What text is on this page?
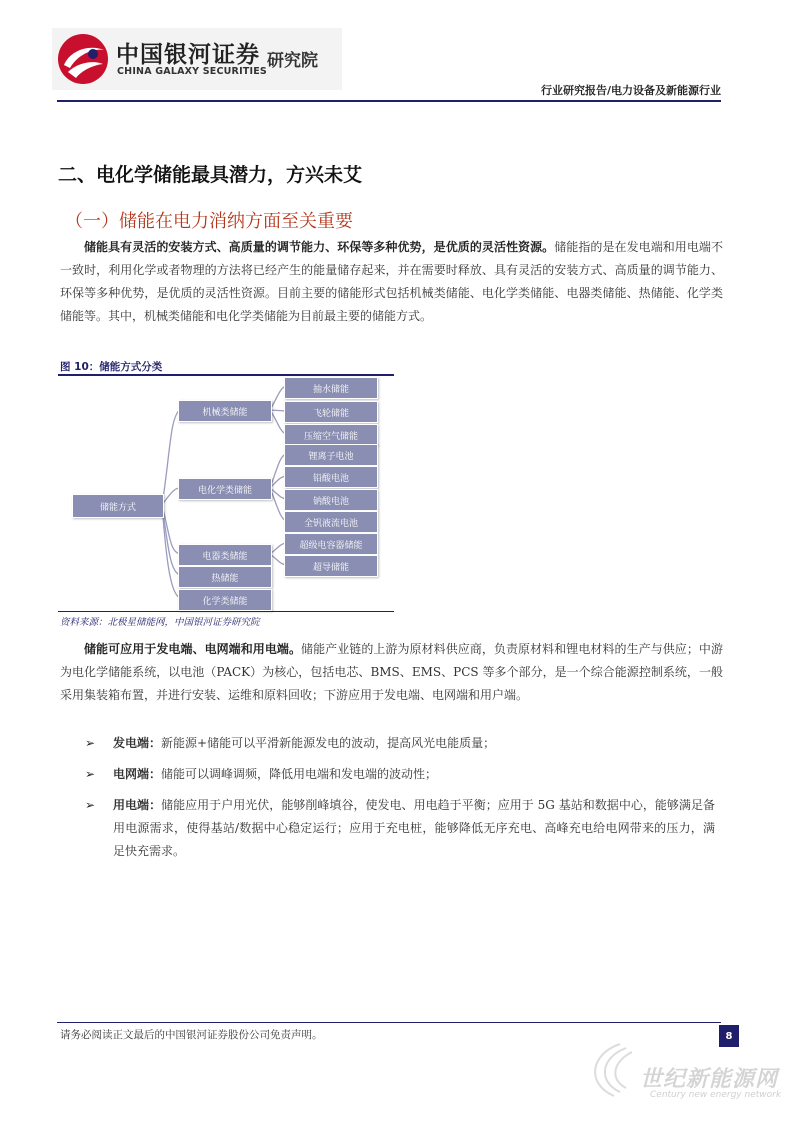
中国银河证券
CHINA GALAXY SECURITIES
研究院
行业研究报告/电力设备及新能源行业
二、电化学储能最具潜力，方兴未艾
（一）储能在电力消纳方面至关重要
储能具有灵活的安装方式、高质量的调节能力、环保等多种优势，是优质的灵活性资源。储能指的是在发电端和用电端不一致时，利用化学或者物理的方法将已经产生的能量储存起来，并在需要时释放、具有灵活的安装方式、高质量的调节能力、环保等多种优势，是优质的灵活性资源。目前主要的储能形式包括机械类储能、电化学类储能、电器类储能、热储能、化学类储能等。其中，机械类储能和电化学类储能为目前最主要的储能方式。
图 10：储能方式分类
储能方式
机械类储能
电化学类储能
电器类储能
热储能
化学类储能
抽水储能
飞轮储能
压缩空气储能
锂离子电池
铅酸电池
钠酸电池
全钒液流电池
超级电容器储能
超导储能
资料来源：北极星储能网，中国银河证券研究院
储能可应用于发电端、电网端和用电端。储能产业链的上游为原材料供应商，负责原材料和锂电材料的生产与供应；中游为电化学储能系统，以电池（PACK）为核心，包括电芯、BMS、EMS、PCS 等多个部分，是一个综合能源控制系统，一般采用集装箱布置，并进行安装、运维和原料回收；下游应用于发电端、电网端和用户端。
➢ 发电端：新能源+储能可以平滑新能源发电的波动，提高风光电能质量；
➢ 电网端：储能可以调峰调频，降低用电端和发电端的波动性；
➢ 用电端：储能应用于户用光伏，能够削峰填谷，使发电、用电趋于平衡；应用于 5G 基站和数据中心，能够满足备用电源需求，使得基站/数据中心稳定运行；应用于充电桩，能够降低无序充电、高峰充电给电网带来的压力，满足快充需求。
请务必阅读正文最后的中国银河证券股份公司免责声明。	8
世纪新能源网
Century new energy network
